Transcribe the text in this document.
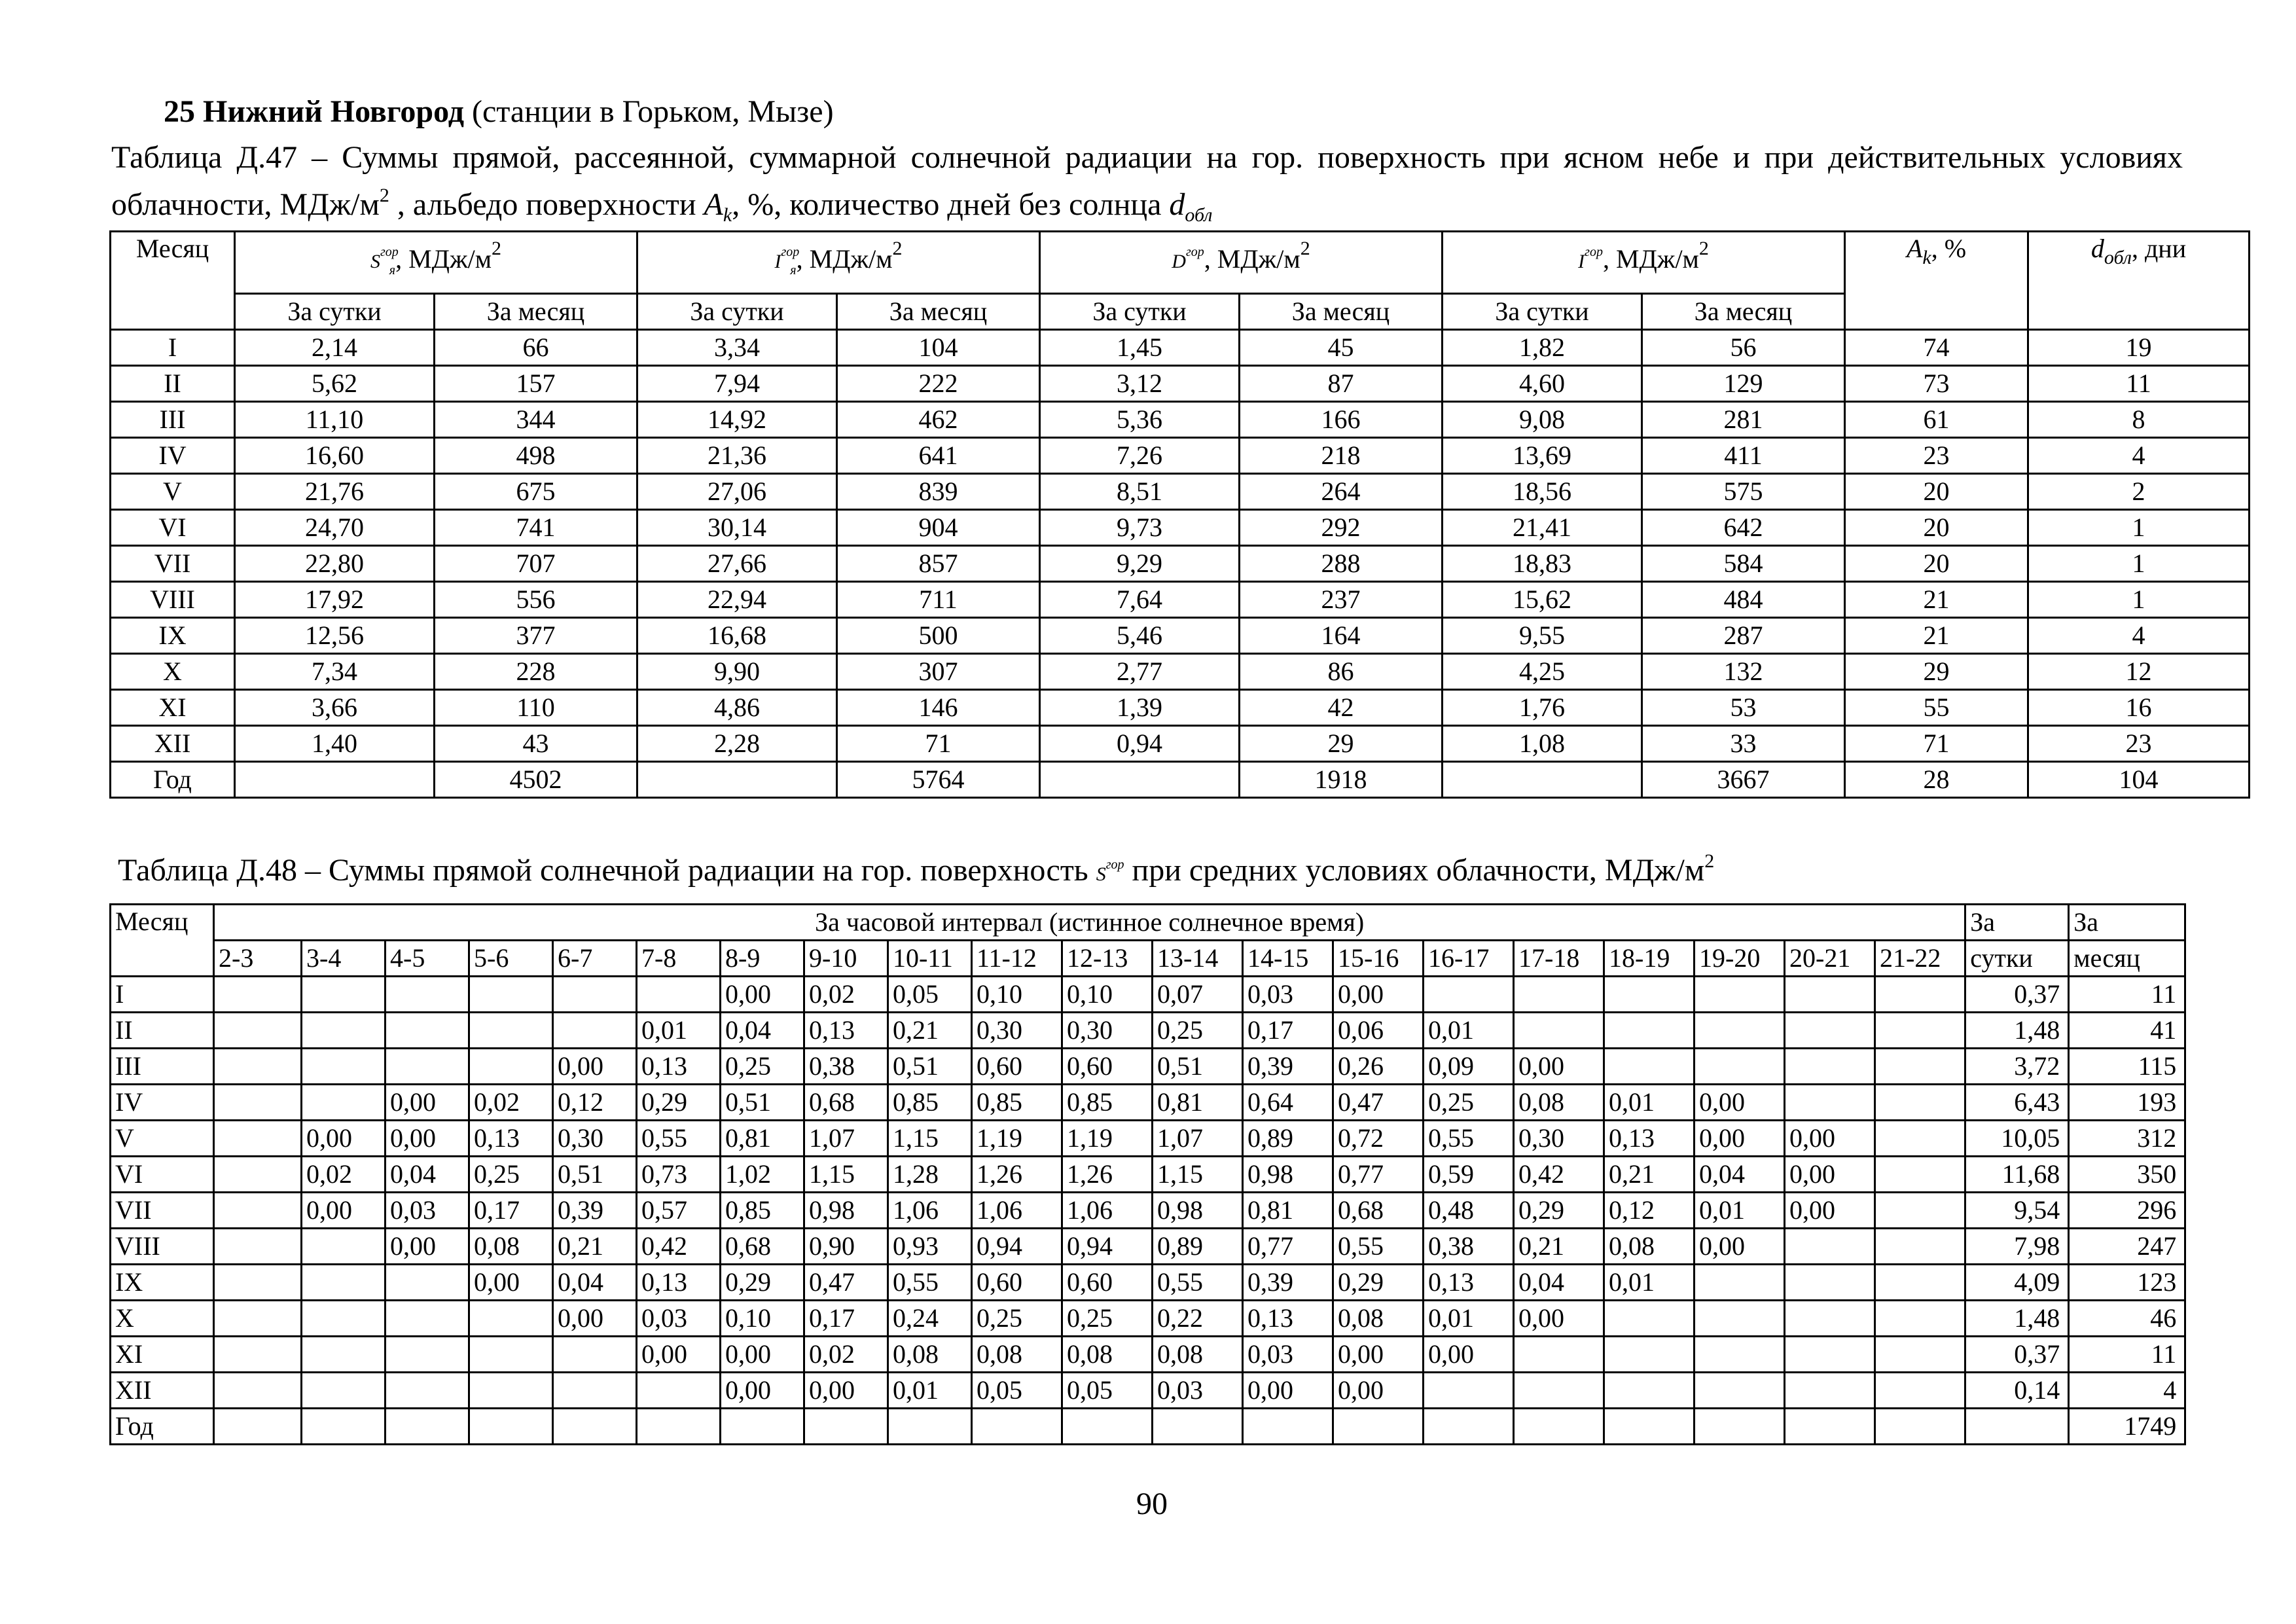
25 Нижний Новгород (станции в Горьком, Мызе)
Таблица Д.47 – Суммы прямой, рассеянной, суммарной солнечной радиации на гор. поверхность при ясном небе и при действительных условиях облачности, МДж/$м^2$ , альбедо поверхности $A_k$, %, количество дней без солнца $d_{обл}$
Месяц	$S^{гор}_я$, МДж/$м^2$		$I^{гор}_я$, МДж/$м^2$		$D^{гор}$, МДж/$м^2$		$I^{гор}$, МДж/$м^2$		$A_k$, %	$d_{обл}$, дни
	За сутки	За месяц	За сутки	За месяц	За сутки	За месяц	За сутки	За месяц		
I	2,14	66	3,34	104	1,45	45	1,82	56	74	19
II	5,62	157	7,94	222	3,12	87	4,60	129	73	11
III	11,10	344	14,92	462	5,36	166	9,08	281	61	8
IV	16,60	498	21,36	641	7,26	218	13,69	411	23	4
V	21,76	675	27,06	839	8,51	264	18,56	575	20	2
VI	24,70	741	30,14	904	9,73	292	21,41	642	20	1
VII	22,80	707	27,66	857	9,29	288	18,83	584	20	1
VIII	17,92	556	22,94	711	7,64	237	15,62	484	21	1
IX	12,56	377	16,68	500	5,46	164	9,55	287	21	4
X	7,34	228	9,90	307	2,77	86	4,25	132	29	12
XI	3,66	110	4,86	146	1,39	42	1,76	53	55	16
XII	1,40	43	2,28	71	0,94	29	1,08	33	71	23
Год		4502		5764		1918		3667	28	104
Таблица Д.48 – Суммы прямой солнечной радиации на гор. поверхность $S^{гор}$ при средних условиях облачности, МДж/$м^2$
Месяц	За часовой интервал (истинное солнечное время)																				За	За
	2-3	3-4	4-5	5-6	6-7	7-8	8-9	9-10	10-11	11-12	12-13	13-14	14-15	15-16	16-17	17-18	18-19	19-20	20-21	21-22	сутки	месяц
I							0,00	0,02	0,05	0,10	0,10	0,07	0,03	0,00							0,37	11
II						0,01	0,04	0,13	0,21	0,30	0,30	0,25	0,17	0,06	0,01						1,48	41
III					0,00	0,13	0,25	0,38	0,51	0,60	0,60	0,51	0,39	0,26	0,09	0,00					3,72	115
IV			0,00	0,02	0,12	0,29	0,51	0,68	0,85	0,85	0,85	0,81	0,64	0,47	0,25	0,08	0,01	0,00			6,43	193
V		0,00	0,00	0,13	0,30	0,55	0,81	1,07	1,15	1,19	1,19	1,07	0,89	0,72	0,55	0,30	0,13	0,00	0,00		10,05	312
VI		0,02	0,04	0,25	0,51	0,73	1,02	1,15	1,28	1,26	1,26	1,15	0,98	0,77	0,59	0,42	0,21	0,04	0,00		11,68	350
VII		0,00	0,03	0,17	0,39	0,57	0,85	0,98	1,06	1,06	1,06	0,98	0,81	0,68	0,48	0,29	0,12	0,01	0,00		9,54	296
VIII			0,00	0,08	0,21	0,42	0,68	0,90	0,93	0,94	0,94	0,89	0,77	0,55	0,38	0,21	0,08	0,00			7,98	247
IX				0,00	0,04	0,13	0,29	0,47	0,55	0,60	0,60	0,55	0,39	0,29	0,13	0,04	0,01				4,09	123
X					0,00	0,03	0,10	0,17	0,24	0,25	0,25	0,22	0,13	0,08	0,01	0,00					1,48	46
XI						0,00	0,00	0,02	0,08	0,08	0,08	0,08	0,03	0,00	0,00						0,37	11
XII							0,00	0,00	0,01	0,05	0,05	0,03	0,00	0,00							0,14	4
Год																						1749
90
